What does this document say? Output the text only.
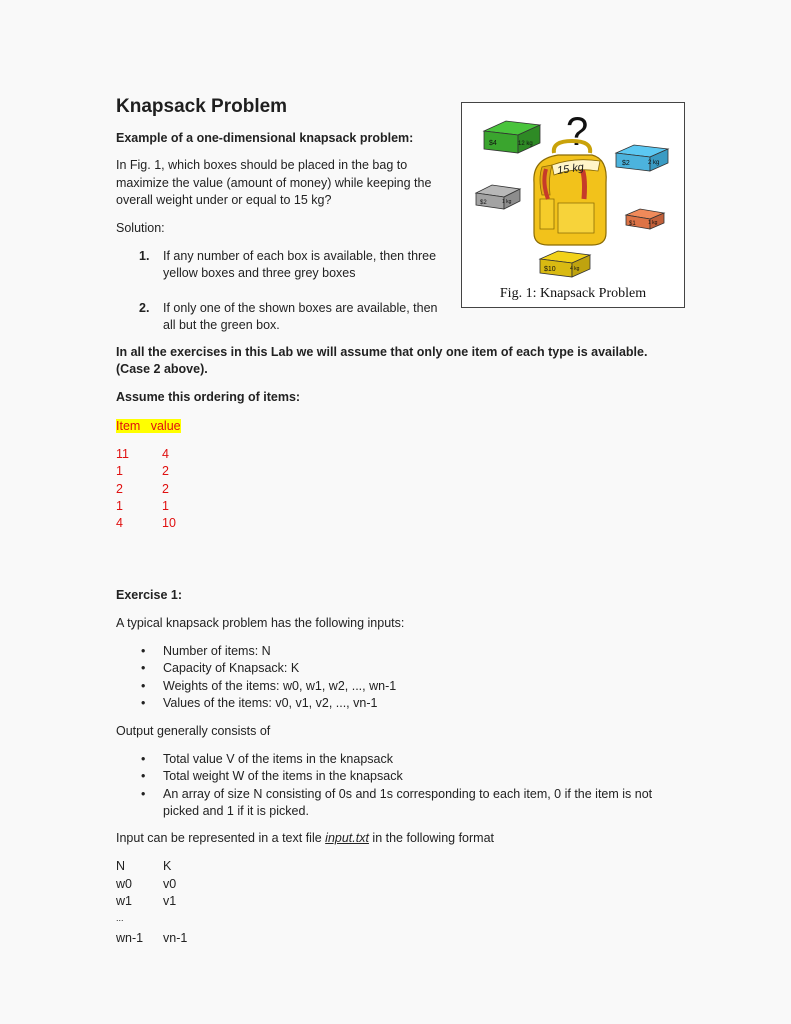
Knapsack Problem
Example of a one-dimensional knapsack problem:
In Fig. 1, which boxes should be placed in the bag to
maximize the value (amount of money) while keeping the
overall weight under or equal to 15 kg?
Solution:
1. If any number of each box is available, then three
yellow boxes and three grey boxes
2. If only one of the shown boxes are available, then
all but the green box.
?
$4	12 kg
$2	2 kg
$2	1 kg
$1 1 kg
$10	4 kg
15 kg
Fig. 1: Knapsack Problem
In all the exercises in this Lab we will assume that only one item of each type is available.
(Case 2 above).
Assume this ordering of items:
Item value
11	4
1	2
2	2
1	1
4	10
Exercise 1:
A typical knapsack problem has the following inputs:
• Number of items: N
• Capacity of Knapsack: K
• Weights of the items: w0, w1, w2, ..., wn-1
• Values of the items: v0, v1, v2, ..., vn-1
Output generally consists of
• Total value V of the items in the knapsack
• Total weight W of the items in the knapsack
• An array of size N consisting of 0s and 1s corresponding to each item, 0 if the item is not
picked and 1 if it is picked.
Input can be represented in a text file input.txt in the following format
N	K
w0 v0
w1 v1
...
wn-1 vn-1
